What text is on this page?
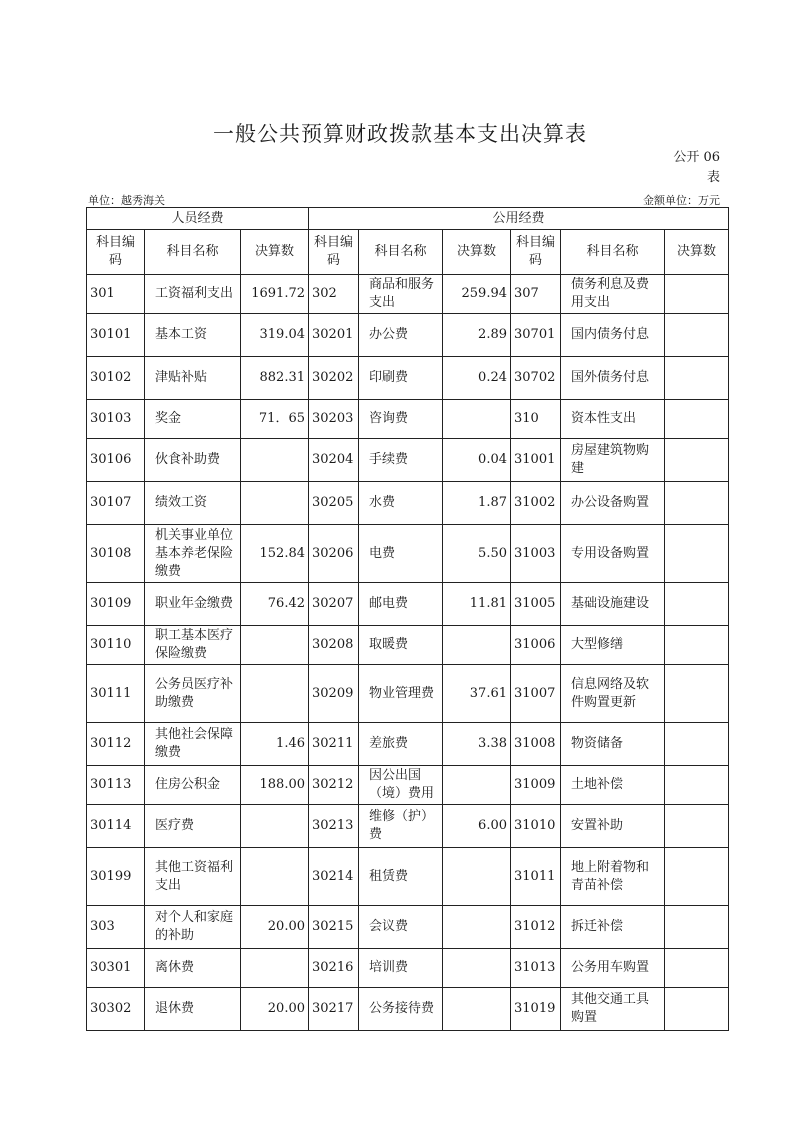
一般公共预算财政拨款基本支出决算表
公开 06
表
单位：越秀海关	金额单位：万元
人员经费			公用经费					
科目编码	科目名称	决算数	科目编码	科目名称	决算数	科目编码	科目名称	决算数
301	工资福利支出	1691.72	302	商品和服务支出	259.94	307	债务利息及费用支出	
30101	基本工资	319.04	30201	办公费	2.89	30701	国内债务付息	
30102	津贴补贴	882.31	30202	印刷费	0.24	30702	国外债务付息	
30103	奖金	71．65	30203	咨询费		310	资本性支出	
30106	伙食补助费		30204	手续费	0.04	31001	房屋建筑物购建	
30107	绩效工资		30205	水费	1.87	31002	办公设备购置	
30108	机关事业单位基本养老保险缴费	152.84	30206	电费	5.50	31003	专用设备购置	
30109	职业年金缴费	76.42	30207	邮电费	11.81	31005	基础设施建设	
30110	职工基本医疗保险缴费		30208	取暖费		31006	大型修缮	
30111	公务员医疗补助缴费		30209	物业管理费	37.61	31007	信息网络及软件购置更新	
30112	其他社会保障缴费	1.46	30211	差旅费	3.38	31008	物资储备	
30113	住房公积金	188.00	30212	因公出国（境）费用		31009	土地补偿	
30114	医疗费		30213	维修（护）费	6.00	31010	安置补助	
30199	其他工资福利支出		30214	租赁费		31011	地上附着物和青苗补偿	
303	对个人和家庭的补助	20.00	30215	会议费		31012	拆迁补偿	
30301	离休费		30216	培训费		31013	公务用车购置	
30302	退休费	20.00	30217	公务接待费		31019	其他交通工具购置	
